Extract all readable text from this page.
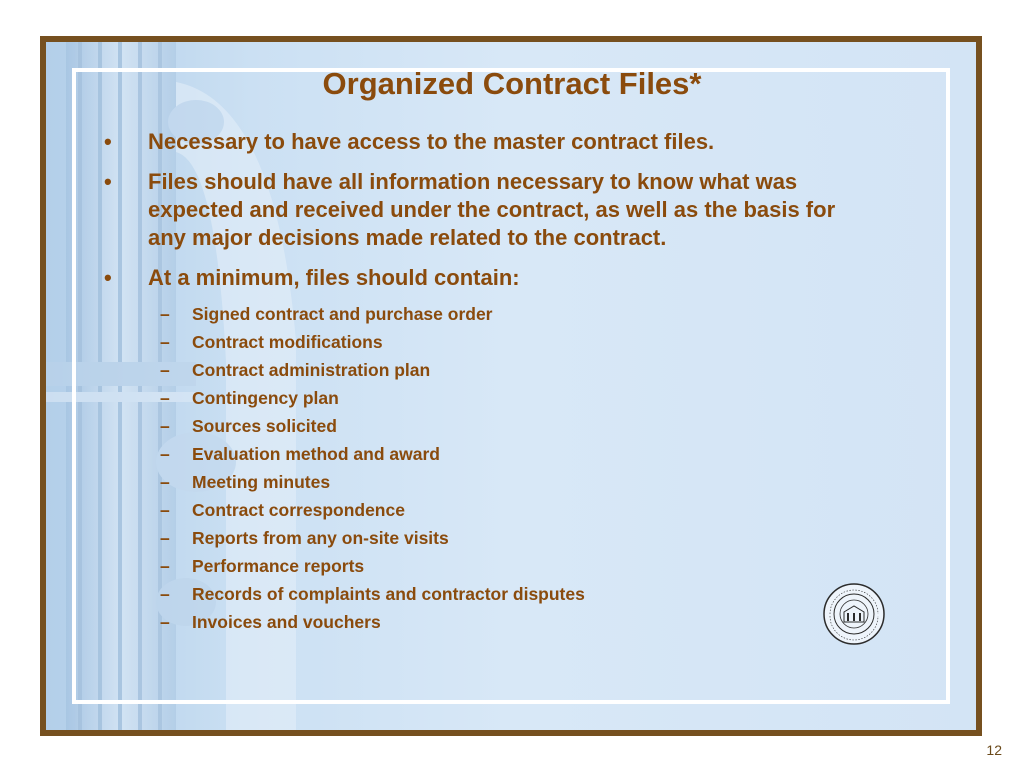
Organized Contract Files*
• Necessary to have access to the master contract files.
• Files should have all information necessary to know what was expected and received under the contract, as well as the basis for any major decisions made related to the contract.
• At a minimum, files should contain:
– Signed contract and purchase order
– Contract modifications
– Contract administration plan
– Contingency plan
– Sources solicited
– Evaluation method and award
– Meeting minutes
– Contract correspondence
– Reports from any on-site visits
– Performance reports
– Records of complaints and contractor disputes
– Invoices and vouchers
12
